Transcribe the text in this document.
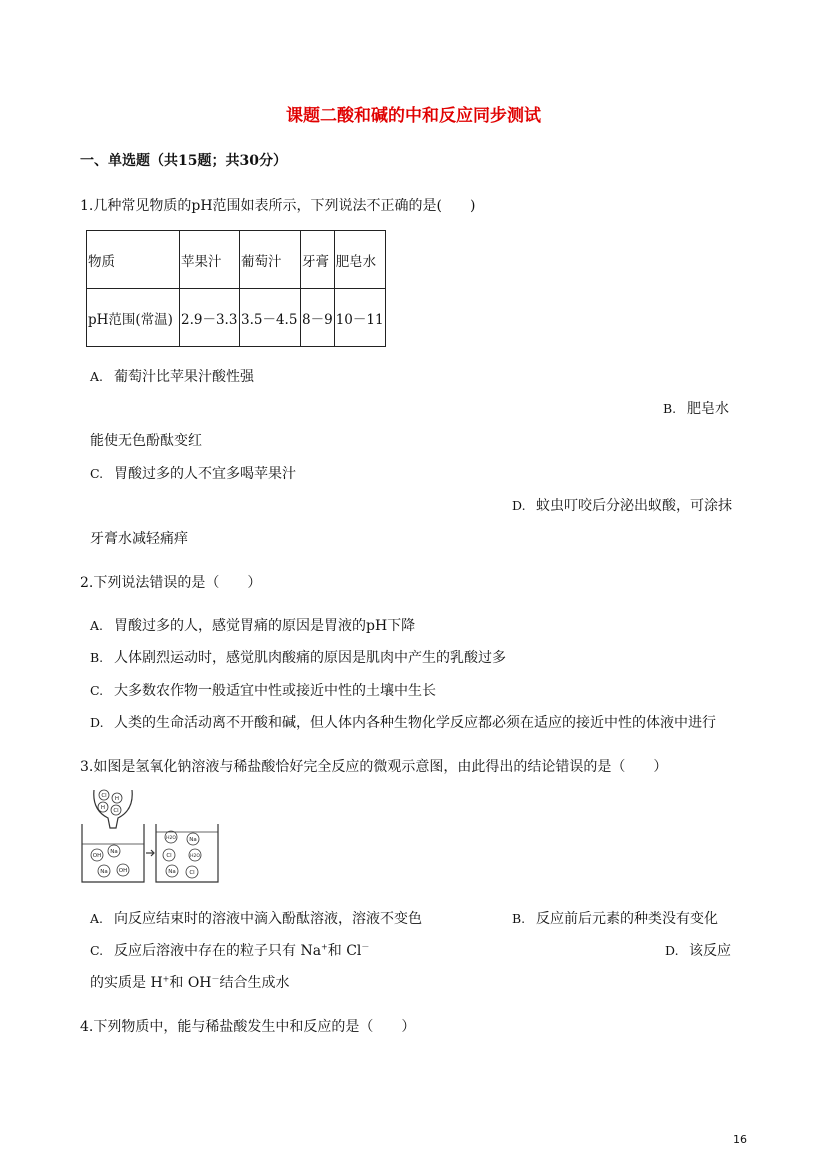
课题二酸和碱的中和反应同步测试
一、单选题（共15题；共30分）
1.几种常见物质的pH范围如表所示，下列说法不正确的是(　　)
物质	苹果汁	葡萄汁	牙膏	肥皂水
pH范围(常温)	2.9－3.3	3.5－4.5	8－9	10－11
A. 葡萄汁比苹果汁酸性强
B. 肥皂水
能使无色酚酞变红
C. 胃酸过多的人不宜多喝苹果汁
D. 蚊虫叮咬后分泌出蚁酸，可涂抹
牙膏水减轻痛痒
2.下列说法错误的是（　　）
A. 胃酸过多的人，感觉胃痛的原因是胃液的pH下降
B. 人体剧烈运动时，感觉肌肉酸痛的原因是肌肉中产生的乳酸过多
C. 大多数农作物一般适宜中性或接近中性的土壤中生长
D. 人类的生命活动离不开酸和碱，但人体内各种生物化学反应都必须在适应的接近中性的体液中进行
3.如图是氢氧化钠溶液与稀盐酸恰好完全反应的微观示意图，由此得出的结论错误的是（　　）
Cl H
H Cl
Na
OH
Na OH
H2O Na
Cl	H2O
Na Cl
A. 向反应结束时的溶液中滴入酚酞溶液，溶液不变色	B. 反应前后元素的种类没有变化
C. 反应后溶液中存在的粒子只有 Na+和 Cl－	D. 该反应
的实质是 H+和 OH－结合生成水
4.下列物质中，能与稀盐酸发生中和反应的是（　　）
16
